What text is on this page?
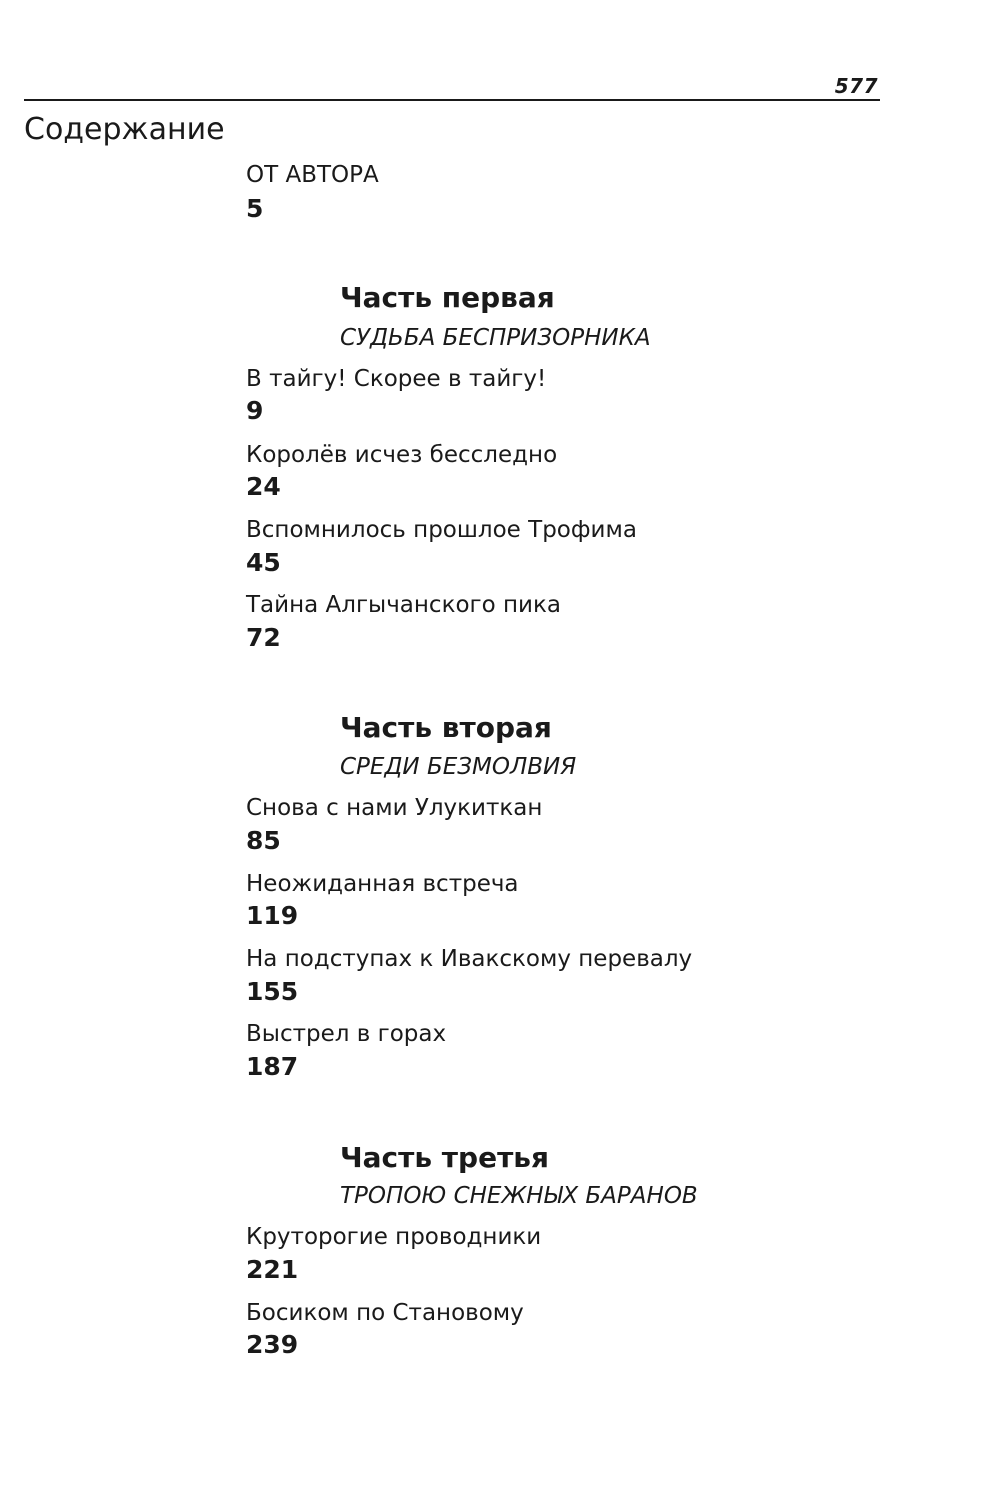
577
Содержание
ОТ АВТОРА
5
Часть первая
СУДЬБА БЕСПРИЗОРНИКА
В тайгу! Скорее в тайгу!
9
Королёв исчез бесследно
24
Вспомнилось прошлое Трофима
45
Тайна Алгычанского пика
72
Часть вторая
СРЕДИ БЕЗМОЛВИЯ
Снова с нами Улукиткан
85
Неожиданная встреча
119
На подступах к Ивакскому перевалу
155
Выстрел в горах
187
Часть третья
ТРОПОЮ СНЕЖНЫХ БАРАНОВ
Круторогие проводники
221
Босиком по Становому
239
